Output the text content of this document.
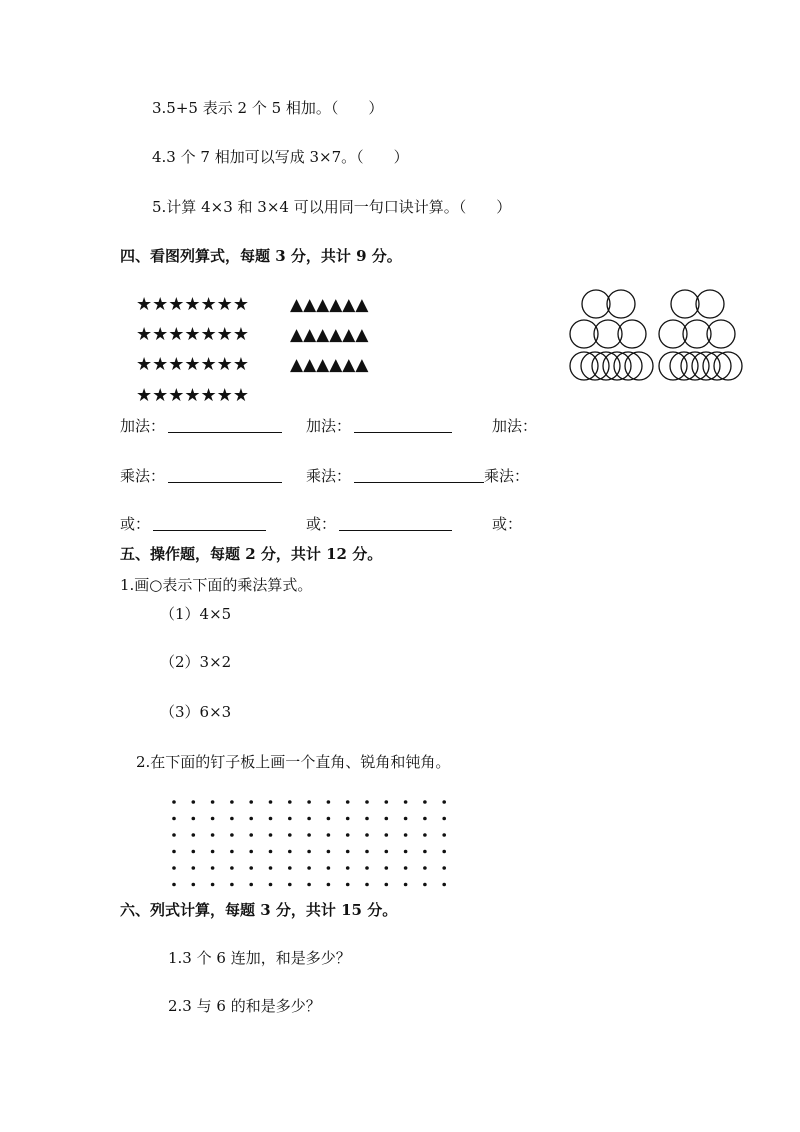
3.5+5 表示 2 个 5 相加。（　　）
4.3 个 7 相加可以写成 3×7。（　　）
5.计算 4×3 和 3×4 可以用同一句口诀计算。（　　）
四、看图列算式，每题 3 分，共计 9 分。
★★★★★★★
★★★★★★★
★★★★★★★
★★★★★★★
▲▲▲▲▲▲
▲▲▲▲▲▲
▲▲▲▲▲▲
加法：	加法：	加法：
乘法：	乘法：	乘法：
或：	或：	或：
五、操作题，每题 2 分，共计 12 分。
1.画○表示下面的乘法算式。
（1）4×5
（2）3×2
（3）6×3
2.在下面的钉子板上画一个直角、锐角和钝角。
六、列式计算，每题 3 分，共计 15 分。
1.3 个 6 连加，和是多少？
2.3 与 6 的和是多少？
